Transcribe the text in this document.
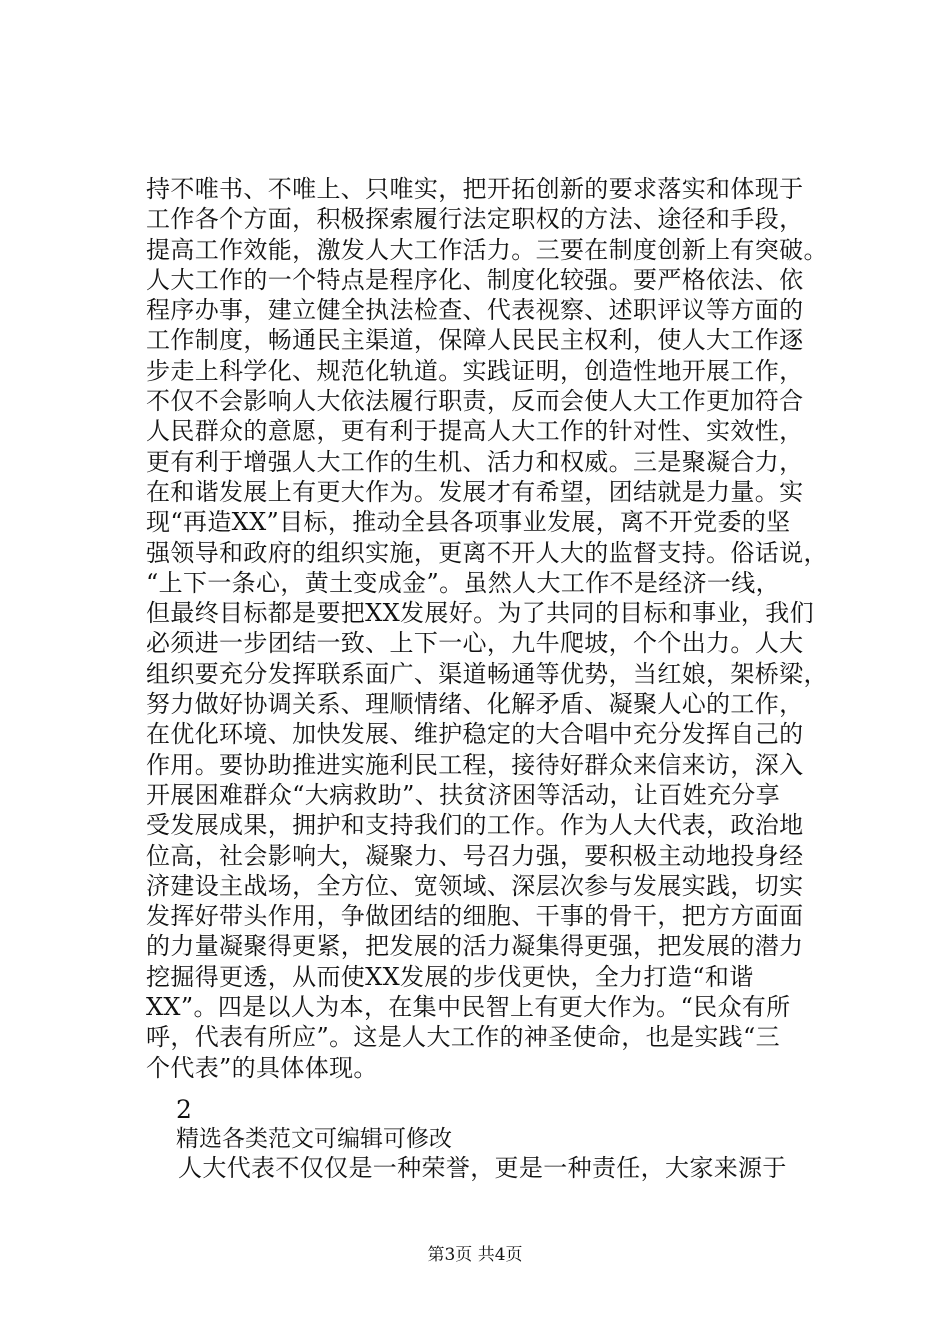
持不唯书、不唯上、只唯实，把开拓创新的要求落实和体现于
工作各个方面，积极探索履行法定职权的方法、途径和手段，
提高工作效能，激发人大工作活力。三要在制度创新上有突破。
人大工作的一个特点是程序化、制度化较强。要严格依法、依
程序办事，建立健全执法检查、代表视察、述职评议等方面的
工作制度，畅通民主渠道，保障人民民主权利，使人大工作逐
步走上科学化、规范化轨道。实践证明，创造性地开展工作，
不仅不会影响人大依法履行职责，反而会使人大工作更加符合
人民群众的意愿，更有利于提高人大工作的针对性、实效性，
更有利于增强人大工作的生机、活力和权威。三是聚凝合力，
在和谐发展上有更大作为。发展才有希望，团结就是力量。实
现“再造XX”目标，推动全县各项事业发展，离不开党委的坚
强领导和政府的组织实施，更离不开人大的监督支持。俗话说，
“上下一条心，黄土变成金”。虽然人大工作不是经济一线，
但最终目标都是要把XX发展好。为了共同的目标和事业，我们
必须进一步团结一致、上下一心，九牛爬坡，个个出力。人大
组织要充分发挥联系面广、渠道畅通等优势，当红娘，架桥梁，
努力做好协调关系、理顺情绪、化解矛盾、凝聚人心的工作，
在优化环境、加快发展、维护稳定的大合唱中充分发挥自己的
作用。要协助推进实施利民工程，接待好群众来信来访，深入
开展困难群众“大病救助”、扶贫济困等活动，让百姓充分享
受发展成果，拥护和支持我们的工作。作为人大代表，政治地
位高，社会影响大，凝聚力、号召力强，要积极主动地投身经
济建设主战场，全方位、宽领域、深层次参与发展实践，切实
发挥好带头作用，争做团结的细胞、干事的骨干，把方方面面
的力量凝聚得更紧，把发展的活力凝集得更强，把发展的潜力
挖掘得更透，从而使XX发展的步伐更快，全力打造“和谐
XX”。四是以人为本，在集中民智上有更大作为。“民众有所
呼，代表有所应”。这是人大工作的神圣使命，也是实践“三
个代表”的具体体现。
2
精选各类范文可编辑可修改
人大代表不仅仅是一种荣誉，更是一种责任，大家来源于
第3页 共4页
